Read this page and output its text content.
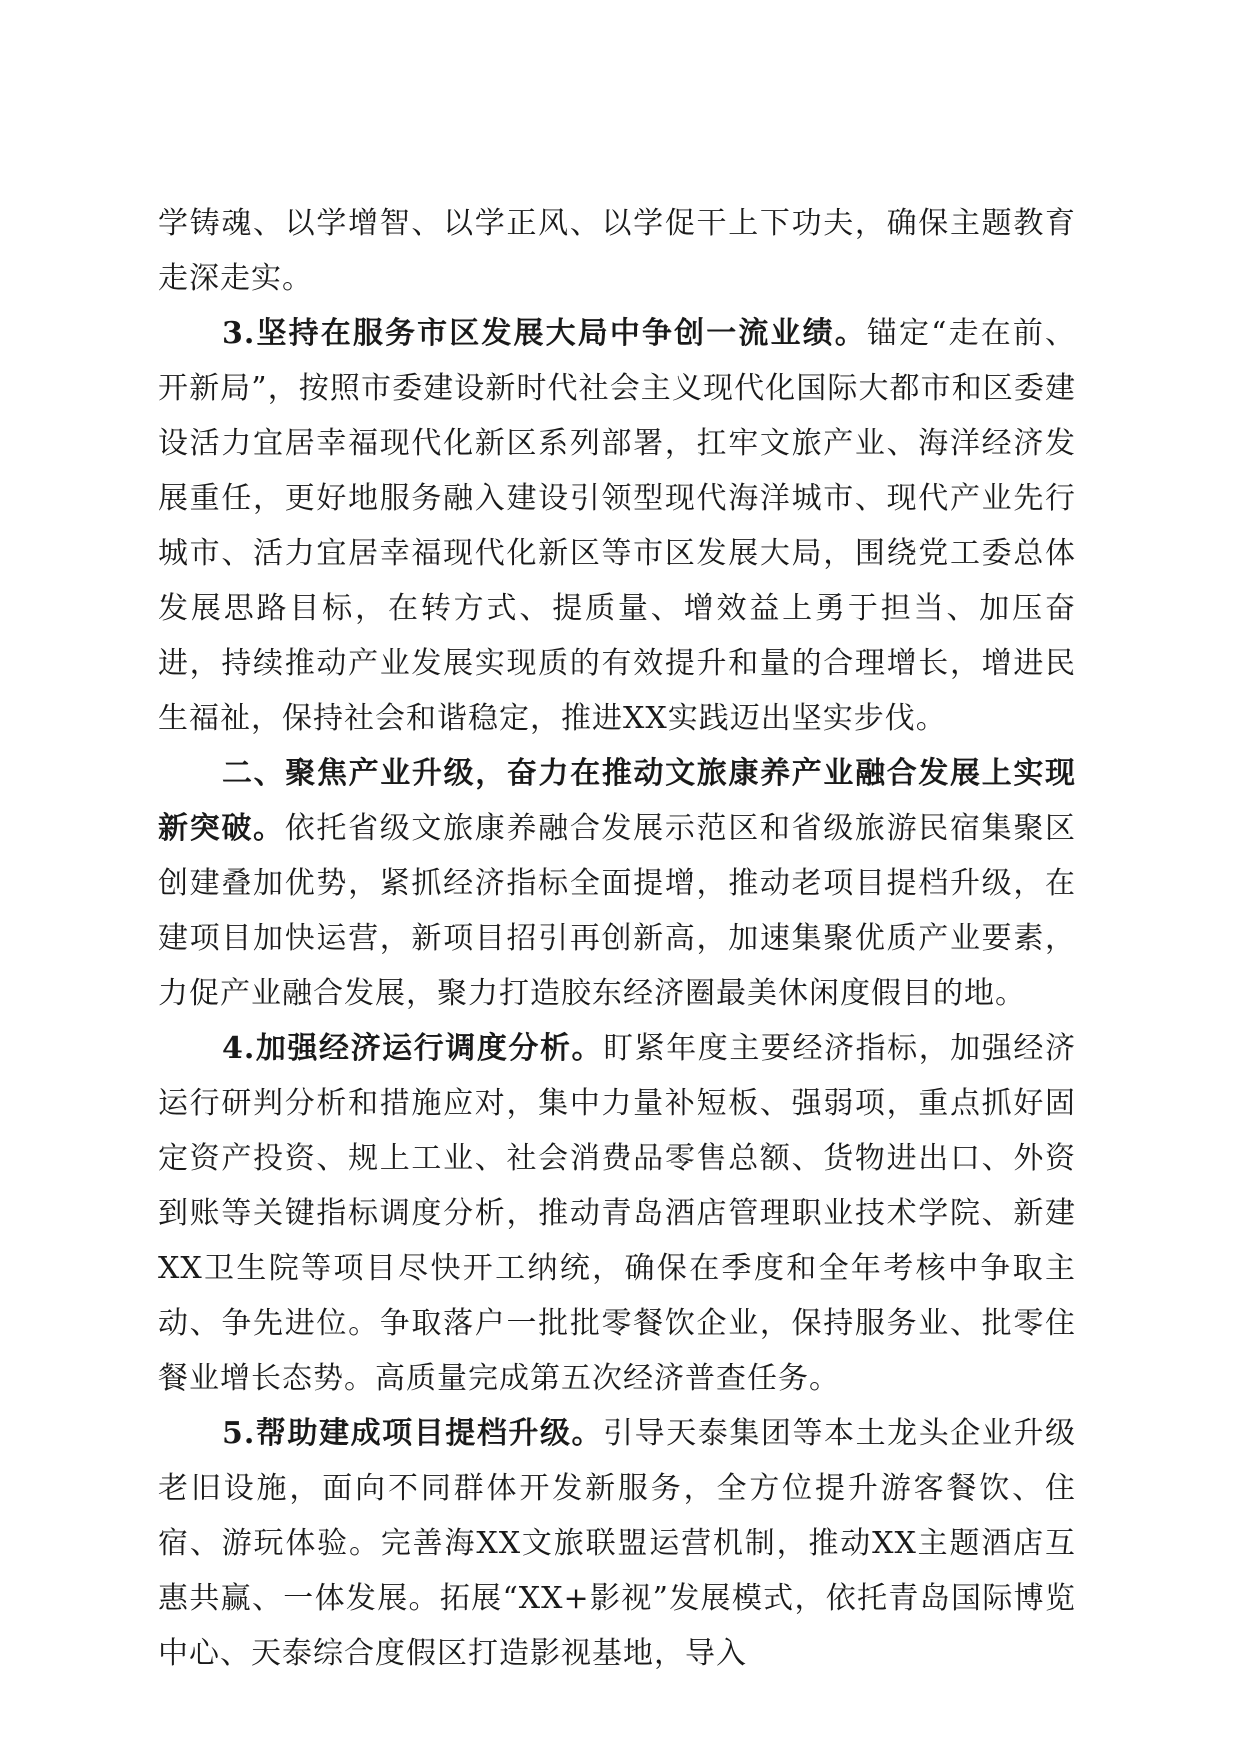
学铸魂、以学增智、以学正风、以学促干上下功夫，确保主题教育走深走实。

3.坚持在服务市区发展大局中争创一流业绩。锚定“走在前、开新局”，按照市委建设新时代社会主义现代化国际大都市和区委建设活力宜居幸福现代化新区系列部署，扛牢文旅产业、海洋经济发展重任，更好地服务融入建设引领型现代海洋城市、现代产业先行城市、活力宜居幸福现代化新区等市区发展大局，围绕党工委总体发展思路目标，在转方式、提质量、增效益上勇于担当、加压奋进，持续推动产业发展实现质的有效提升和量的合理增长，增进民生福祉，保持社会和谐稳定，推进XX实践迈出坚实步伐。

二、聚焦产业升级，奋力在推动文旅康养产业融合发展上实现新突破。依托省级文旅康养融合发展示范区和省级旅游民宿集聚区创建叠加优势，紧抓经济指标全面提增，推动老项目提档升级，在建项目加快运营，新项目招引再创新高，加速集聚优质产业要素，力促产业融合发展，聚力打造胶东经济圈最美休闲度假目的地。

4.加强经济运行调度分析。盯紧年度主要经济指标，加强经济运行研判分析和措施应对，集中力量补短板、强弱项，重点抓好固定资产投资、规上工业、社会消费品零售总额、货物进出口、外资到账等关键指标调度分析，推动青岛酒店管理职业技术学院、新建XX卫生院等项目尽快开工纳统，确保在季度和全年考核中争取主动、争先进位。争取落户一批批零餐饮企业，保持服务业、批零住餐业增长态势。高质量完成第五次经济普查任务。

5.帮助建成项目提档升级。引导天泰集团等本土龙头企业升级老旧设施，面向不同群体开发新服务，全方位提升游客餐饮、住宿、游玩体验。完善海XX文旅联盟运营机制，推动XX主题酒店互惠共赢、一体发展。拓展“XX+影视”发展模式，依托青岛国际博览中心、天泰综合度假区打造影视基地，导入
